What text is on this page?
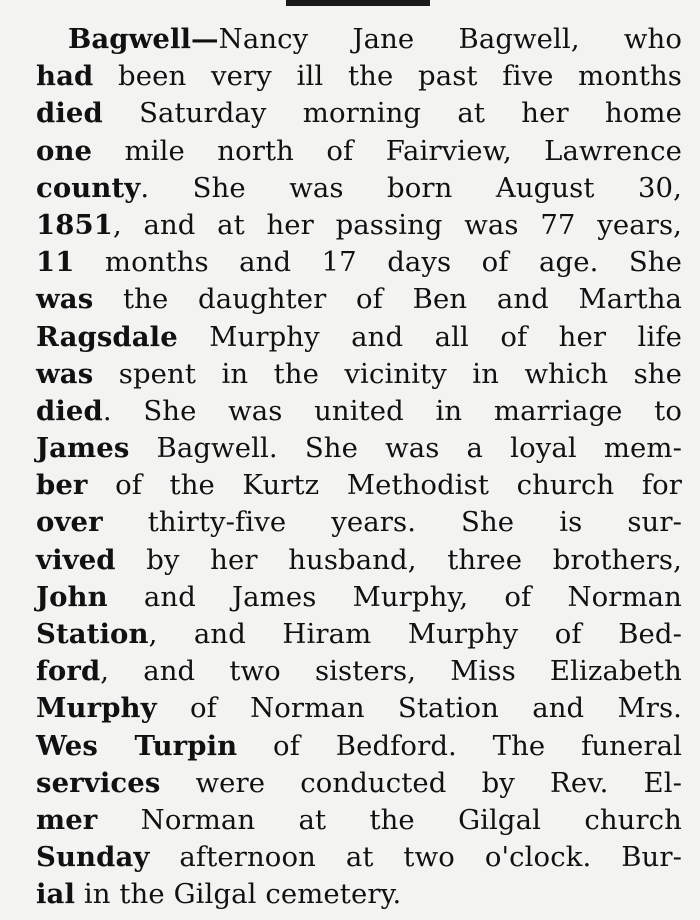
Bagwell—Nancy Jane Bagwell, who
had been very ill the past five months
died Saturday morning at her home
one mile north of Fairview, Lawrence
county. She was born August 30,
1851, and at her passing was 77 years,
11 months and 17 days of age. She
was the daughter of Ben and Martha
Ragsdale Murphy and all of her life
was spent in the vicinity in which she
died. She was united in marriage to
James Bagwell. She was a loyal mem-
ber of the Kurtz Methodist church for
over thirty-five years. She is sur-
vived by her husband, three brothers,
John and James Murphy, of Norman
Station, and Hiram Murphy of Bed-
ford, and two sisters, Miss Elizabeth
Murphy of Norman Station and Mrs.
Wes Turpin of Bedford. The funeral
services were conducted by Rev. El-
mer Norman at the Gilgal church
Sunday afternoon at two o'clock. Bur-
ial in the Gilgal cemetery.
